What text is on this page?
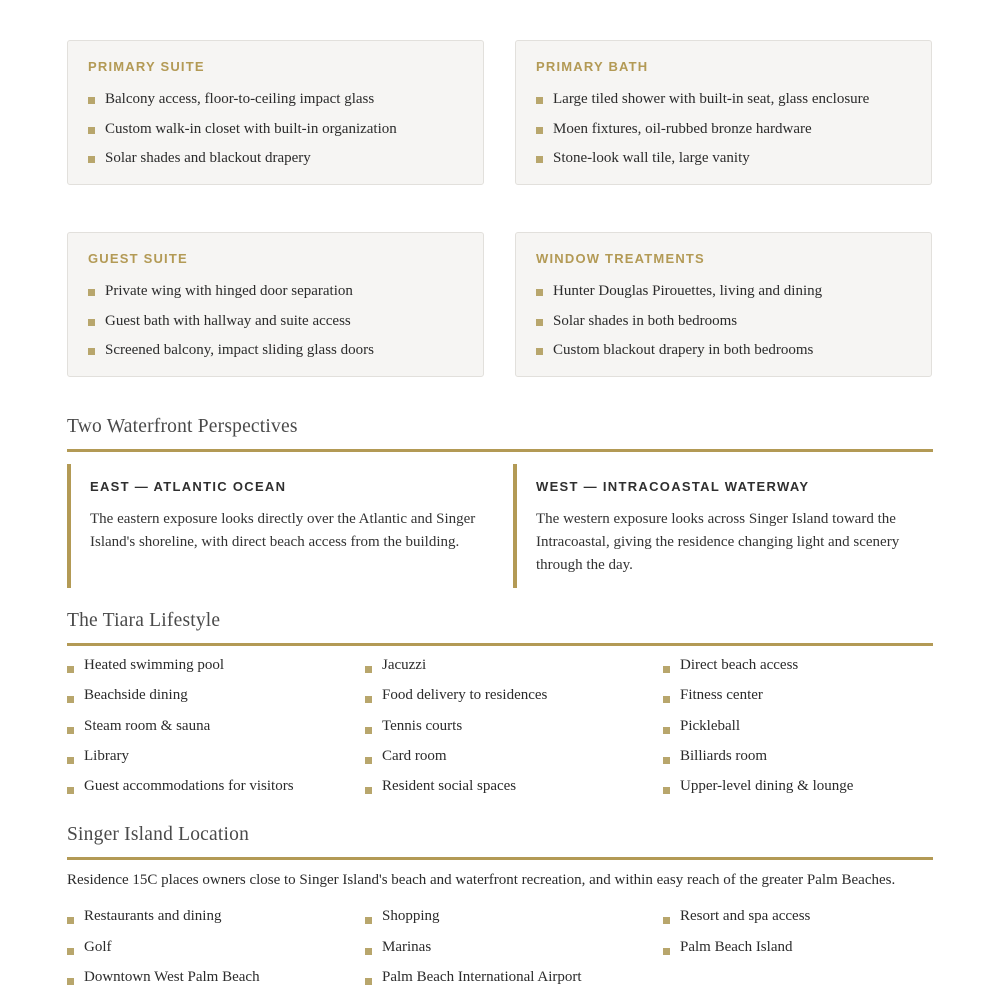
PRIMARY SUITE
Balcony access, floor-to-ceiling impact glass
Custom walk-in closet with built-in organization
Solar shades and blackout drapery
PRIMARY BATH
Large tiled shower with built-in seat, glass enclosure
Moen fixtures, oil-rubbed bronze hardware
Stone-look wall tile, large vanity
GUEST SUITE
Private wing with hinged door separation
Guest bath with hallway and suite access
Screened balcony, impact sliding glass doors
WINDOW TREATMENTS
Hunter Douglas Pirouettes, living and dining
Solar shades in both bedrooms
Custom blackout drapery in both bedrooms
Two Waterfront Perspectives
EAST — ATLANTIC OCEAN
The eastern exposure looks directly over the Atlantic and Singer Island's shoreline, with direct beach access from the building.
WEST — INTRACOASTAL WATERWAY
The western exposure looks across Singer Island toward the Intracoastal, giving the residence changing light and scenery through the day.
The Tiara Lifestyle
Heated swimming pool	Jacuzzi	Direct beach access
Beachside dining	Food delivery to residences	Fitness center
Steam room & sauna	Tennis courts	Pickleball
Library	Card room	Billiards room
Guest accommodations for visitors	Resident social spaces	Upper-level dining & lounge
Singer Island Location
Residence 15C places owners close to Singer Island's beach and waterfront recreation, and within easy reach of the greater Palm Beaches.
Restaurants and dining	Shopping	Resort and spa access
Golf	Marinas	Palm Beach Island
Downtown West Palm Beach	Palm Beach International Airport
